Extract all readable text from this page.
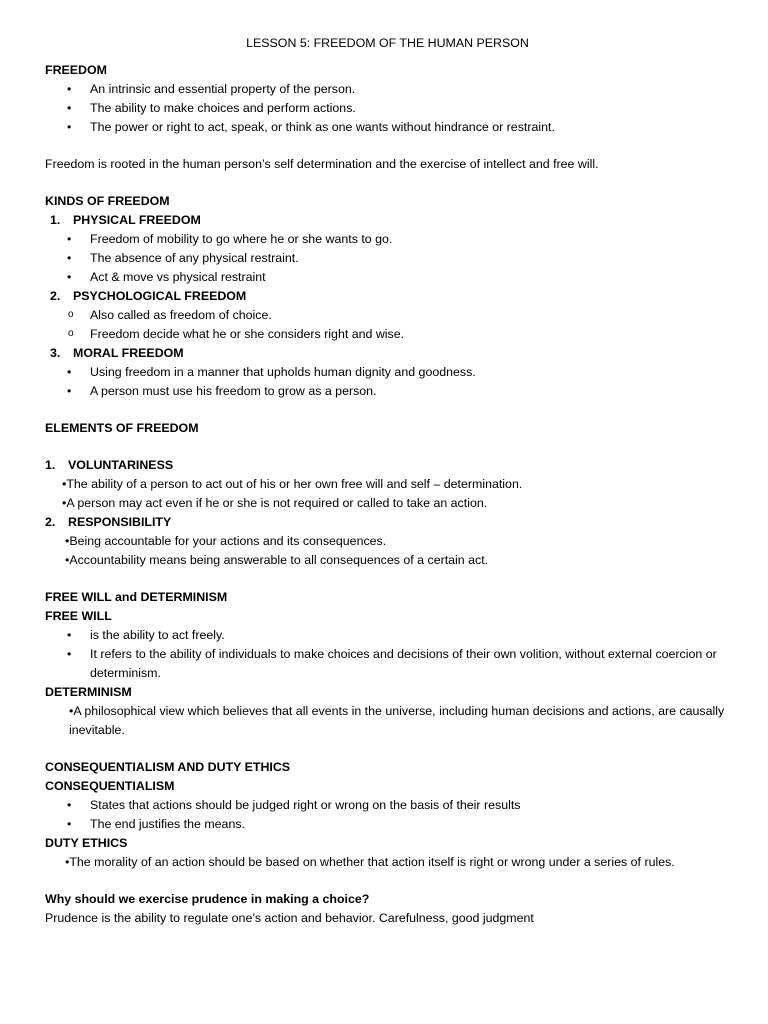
LESSON 5: FREEDOM OF THE HUMAN PERSON
FREEDOM
• An intrinsic and essential property of the person.
• The ability to make choices and perform actions.
• The power or right to act, speak, or think as one wants without hindrance or restraint.
Freedom is rooted in the human person’s self determination and the exercise of intellect and free will.
KINDS OF FREEDOM
1. PHYSICAL FREEDOM
• Freedom of mobility to go where he or she wants to go.
• The absence of any physical restraint.
• Act & move vs physical restraint
2. PSYCHOLOGICAL FREEDOM
o Also called as freedom of choice.
o Freedom decide what he or she considers right and wise.
3. MORAL FREEDOM
• Using freedom in a manner that upholds human dignity and goodness.
• A person must use his freedom to grow as a person.
ELEMENTS OF FREEDOM
1. VOLUNTARINESS
•The ability of a person to act out of his or her own free will and self – determination.
•A person may act even if he or she is not required or called to take an action.
2. RESPONSIBILITY
•Being accountable for your actions and its consequences.
•Accountability means being answerable to all consequences of a certain act.
FREE WILL and DETERMINISM
FREE WILL
• is the ability to act freely.
• It refers to the ability of individuals to make choices and decisions of their own volition, without external coercion or determinism.
DETERMINISM
•A philosophical view which believes that all events in the universe, including human decisions and actions, are causally inevitable.
CONSEQUENTIALISM AND DUTY ETHICS
CONSEQUENTIALISM
• States that actions should be judged right or wrong on the basis of their results
• The end justifies the means.
DUTY ETHICS
•The morality of an action should be based on whether that action itself is right or wrong under a series of rules.
Why should we exercise prudence in making a choice?
Prudence is the ability to regulate one’s action and behavior. Carefulness, good judgment
